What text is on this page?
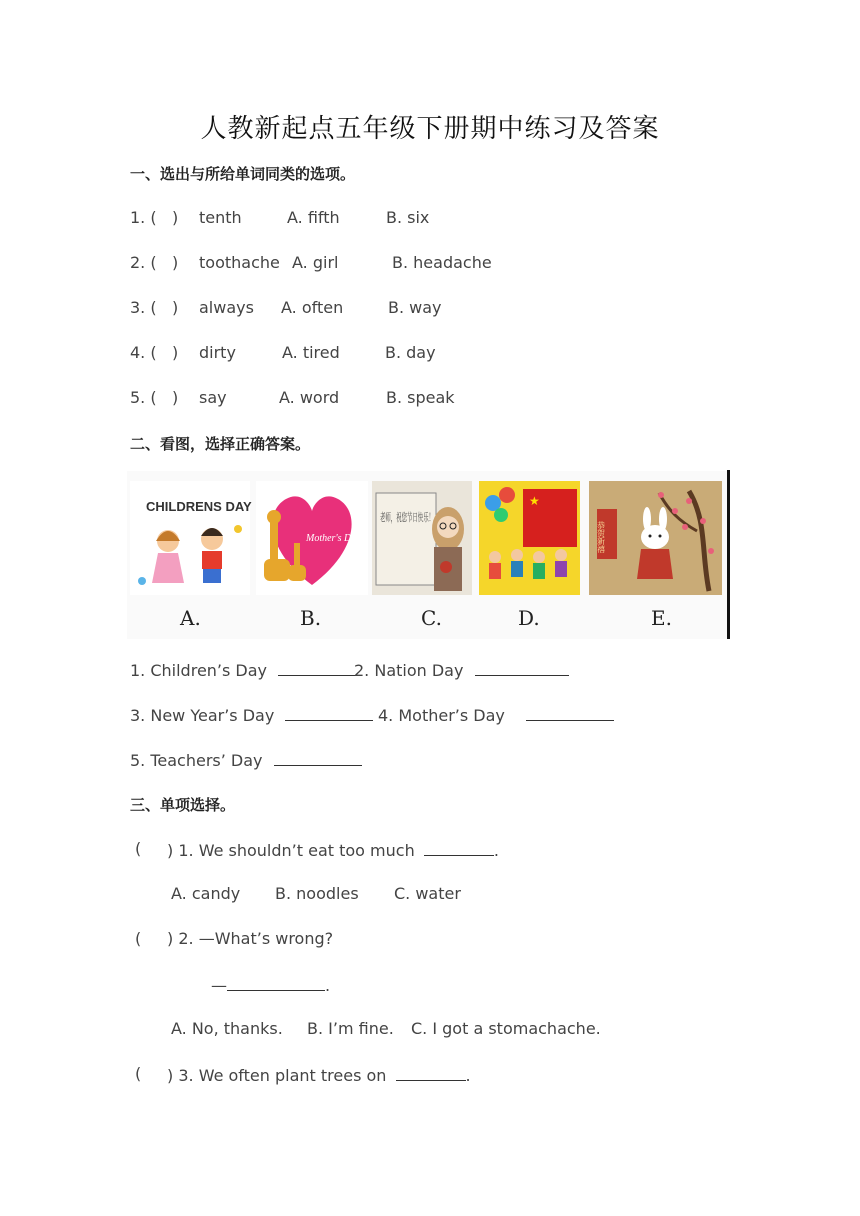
人教新起点五年级下册期中练习及答案
一、选出与所给单词同类的选项。
1. ( ) tenth	A. fifth	B. six
2. ( ) toothache A. girl	B. headache
3. ( ) always A. often	B. way
4. ( ) dirty	A. tired	B. day
5. ( ) say	A. word	B. speak
二、看图，选择正确答案。
CHILDRENS DAY
Mother's Day
★
恭贺新禧
A.	B.	C.	D.	E.
1. Children’s Day	2. Nation Day
3. New Year’s Day	4. Mother’s Day
5. Teachers’ Day
三、单项选择。
( ) 1. We shouldn’t eat too much	.
A. candy B. noodles C. water
( ) 2. —What’s wrong?
—	.
A. No, thanks. B. I’m fine. C. I got a stomachache.
( ) 3. We often plant trees on	.
